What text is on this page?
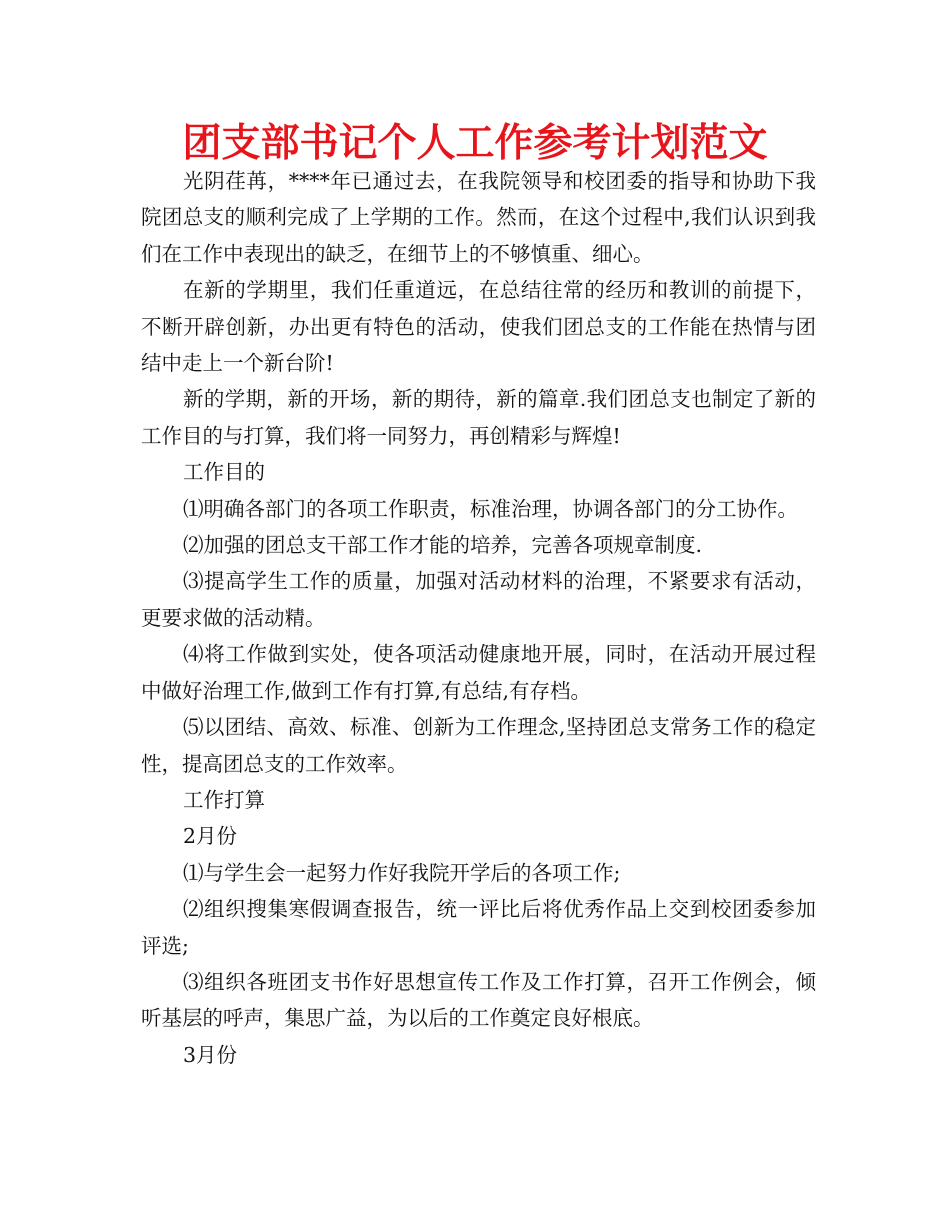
团支部书记个人工作参考计划范文

光阴荏苒，****年已通过去，在我院领导和校团委的指导和协助下我院团总支的顺利完成了上学期的工作。然而，在这个过程中,我们认识到我们在工作中表现出的缺乏，在细节上的不够慎重、细心。

在新的学期里，我们任重道远，在总结往常的经历和教训的前提下，不断开辟创新，办出更有特色的活动，使我们团总支的工作能在热情与团结中走上一个新台阶!

新的学期，新的开场，新的期待，新的篇章.我们团总支也制定了新的工作目的与打算，我们将一同努力，再创精彩与辉煌!

工作目的

⑴明确各部门的各项工作职责，标准治理，协调各部门的分工协作。

⑵加强的团总支干部工作才能的培养，完善各项规章制度.

⑶提高学生工作的质量，加强对活动材料的治理，不紧要求有活动，更要求做的活动精。

⑷将工作做到实处，使各项活动健康地开展，同时，在活动开展过程中做好治理工作,做到工作有打算,有总结,有存档。

⑸以团结、高效、标准、创新为工作理念,坚持团总支常务工作的稳定性，提高团总支的工作效率。

工作打算

2月份

⑴与学生会一起努力作好我院开学后的各项工作;

⑵组织搜集寒假调查报告，统一评比后将优秀作品上交到校团委参加评选;

⑶组织各班团支书作好思想宣传工作及工作打算，召开工作例会，倾听基层的呼声，集思广益，为以后的工作奠定良好根底。

3月份
